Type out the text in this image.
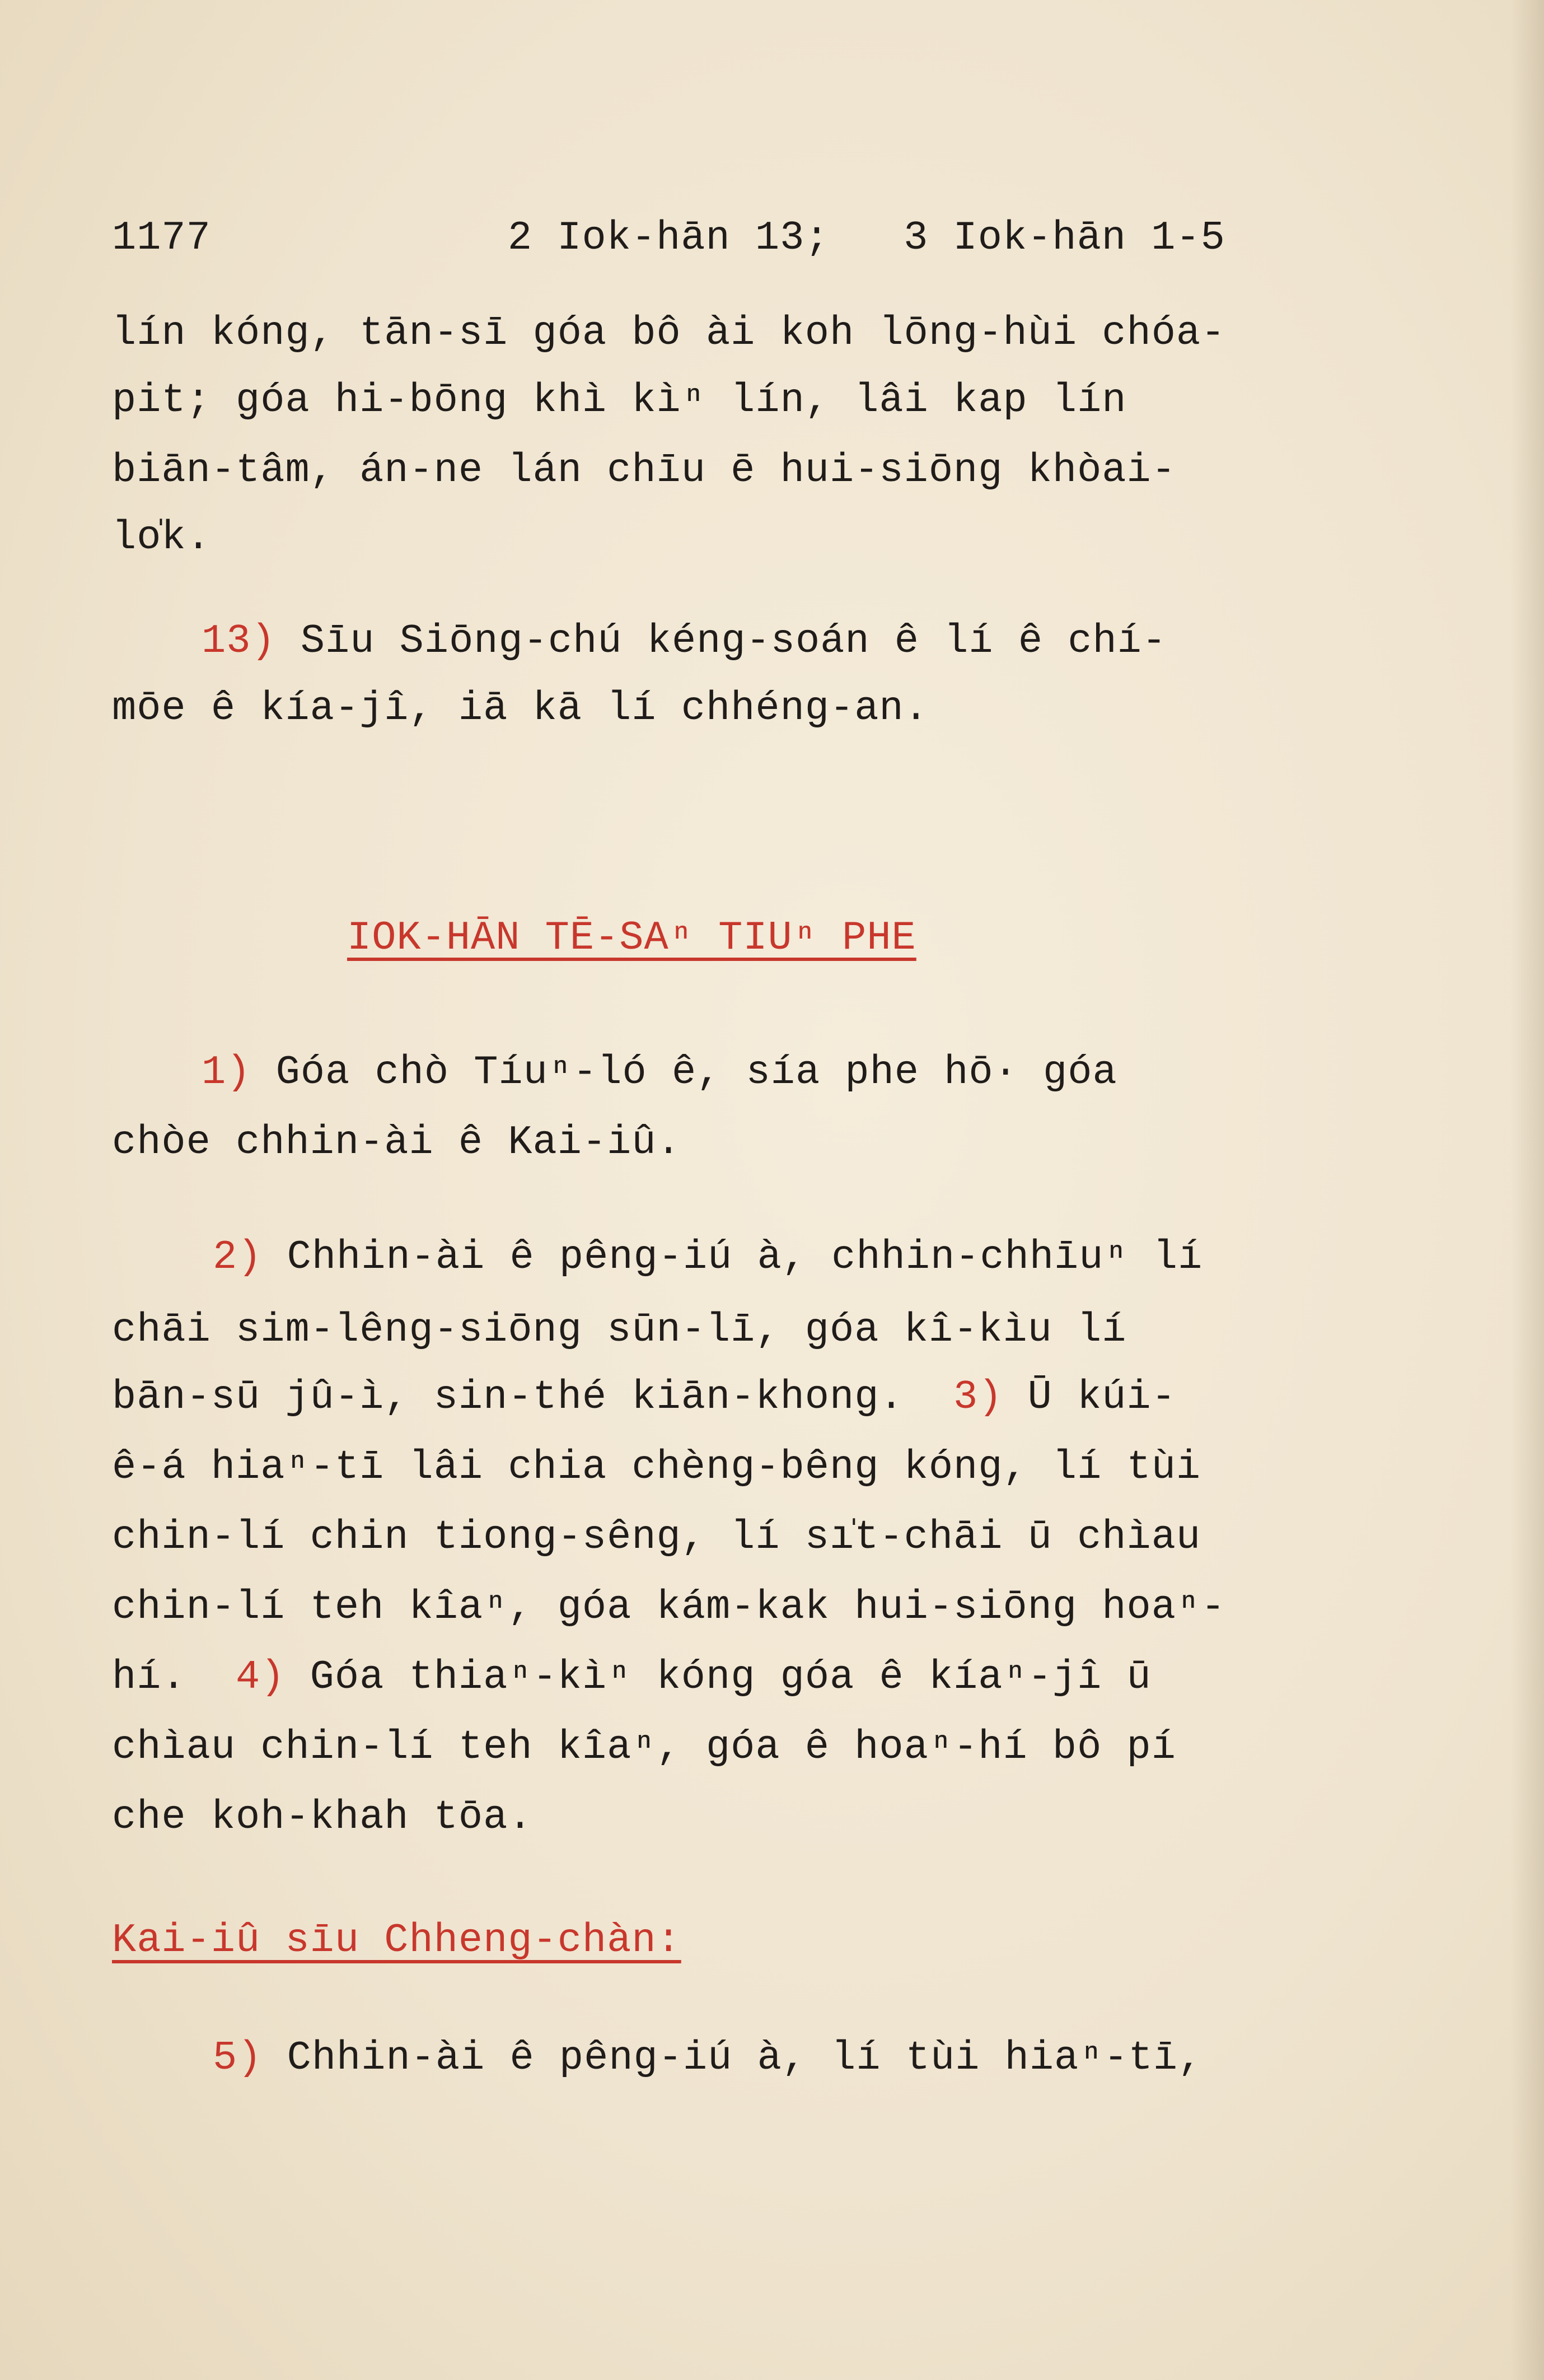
1177	2 Iok-hān 13;   3 Iok-hān 1-5
lín kóng, tān-sī góa bô ài koh lōng-hùi chóa-
pit; góa hi-bōng khì kìⁿ lín, lâi kap lín
biān-tâm, án-ne lán chīu ē hui-siōng khòai-
lo̍k.
13) Sīu Siōng-chú kéng-soán ê lí ê chí-
mōe ê kía-jî, iā kā lí chhéng-an.
IOK-HĀN TĒ-SAⁿ TIUⁿ PHE
1) Góa chò Tíuⁿ-ló ê, sía phe hō· góa
chòe chhin-ài ê Kai-iû.
2) Chhin-ài ê pêng-iú à, chhin-chhīuⁿ lí
chāi sim-lêng-siōng sūn-lī, góa kî-kìu lí
bān-sū jû-ì, sin-thé kiān-khong.  3) Ū kúi-
ê-á hiaⁿ-tī lâi chia chèng-bêng kóng, lí tùi
chin-lí chin tiong-sêng, lí sı̍t-chāi ū chìau
chin-lí teh kîaⁿ, góa kám-kak hui-siōng hoaⁿ-
hí.  4) Góa thiaⁿ-kìⁿ kóng góa ê kíaⁿ-jî ū
chìau chin-lí teh kîaⁿ, góa ê hoaⁿ-hí bô pí
che koh-khah tōa.
Kai-iû sīu Chheng-chàn:
5) Chhin-ài ê pêng-iú à, lí tùi hiaⁿ-tī,
